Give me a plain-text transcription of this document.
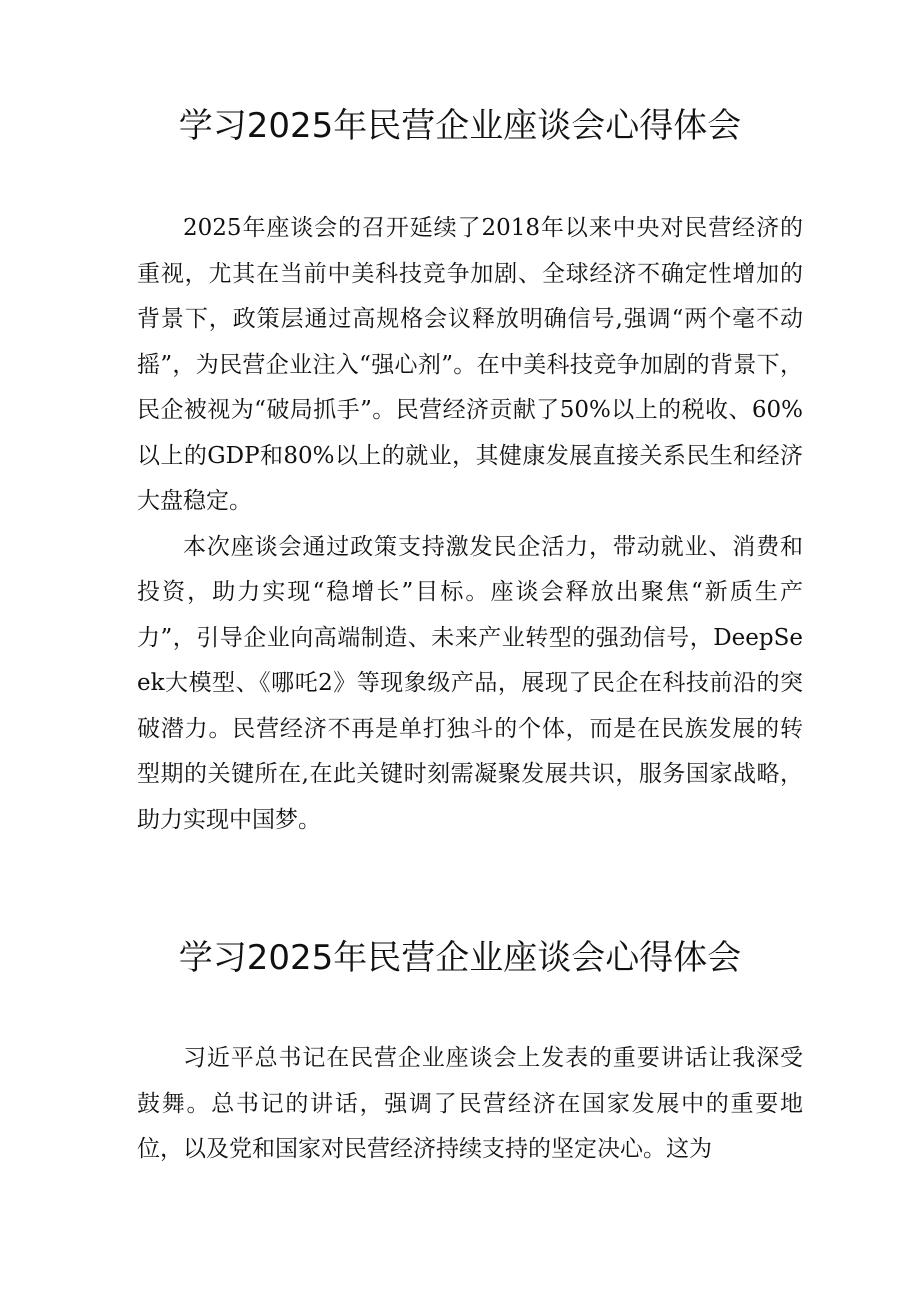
学习2025年民营企业座谈会心得体会

2025年座谈会的召开延续了2018年以来中央对民营经济的重视，尤其在当前中美科技竞争加剧、全球经济不确定性增加的背景下，政策层通过高规格会议释放明确信号,强调“两个毫不动摇”，为民营企业注入“强心剂”。在中美科技竞争加剧的背景下，民企被视为“破局抓手”。民营经济贡献了50%以上的税收、60%以上的GDP和80%以上的就业，其健康发展直接关系民生和经济大盘稳定。

本次座谈会通过政策支持激发民企活力，带动就业、消费和投资，助力实现“稳增长”目标。座谈会释放出聚焦“新质生产力”，引导企业向高端制造、未来产业转型的强劲信号，DeepSeek大模型、《哪吒2》等现象级产品，展现了民企在科技前沿的突破潜力。民营经济不再是单打独斗的个体，而是在民族发展的转型期的关键所在,在此关键时刻需凝聚发展共识，服务国家战略，助力实现中国梦。

学习2025年民营企业座谈会心得体会

习近平总书记在民营企业座谈会上发表的重要讲话让我深受鼓舞。总书记的讲话，强调了民营经济在国家发展中的重要地位，以及党和国家对民营经济持续支持的坚定决心。这为
